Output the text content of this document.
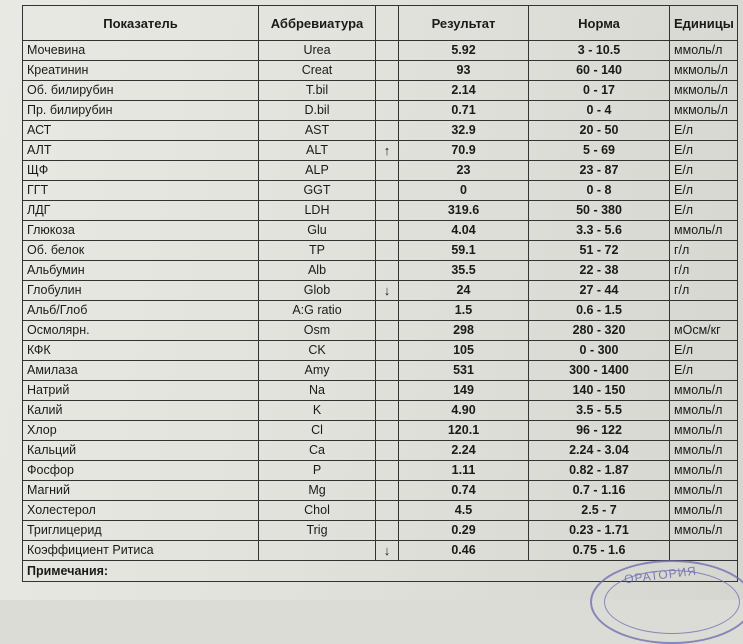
Показатель	Аббревиатура		Результат	Норма	Единицы
Мочевина	Urea		5.92	3 - 10.5	ммоль/л
Креатинин	Creat		93	60 - 140	мкмоль/л
Об. билирубин	T.bil		2.14	0 - 17	мкмоль/л
Пр. билирубин	D.bil		0.71	0 - 4	мкмоль/л
АСТ	AST		32.9	20 - 50	Е/л
АЛТ	ALT	↑	70.9	5 - 69	Е/л
ЩФ	ALP		23	23 - 87	Е/л
ГГТ	GGT		0	0 - 8	Е/л
ЛДГ	LDH		319.6	50 - 380	Е/л
Глюкоза	Glu		4.04	3.3 - 5.6	ммоль/л
Об. белок	TP		59.1	51 - 72	г/л
Альбумин	Alb		35.5	22 - 38	г/л
Глобулин	Glob	↓	24	27 - 44	г/л
Альб/Глоб	A:G ratio		1.5	0.6 - 1.5	
Осмолярн.	Osm		298	280 - 320	мОсм/кг
КФК	CK		105	0 - 300	Е/л
Амилаза	Amy		531	300 - 1400	Е/л
Натрий	Na		149	140 - 150	ммоль/л
Калий	K		4.90	3.5 - 5.5	ммоль/л
Хлор	Cl		120.1	96 - 122	ммоль/л
Кальций	Ca		2.24	2.24 - 3.04	ммоль/л
Фосфор	P		1.11	0.82 - 1.87	ммоль/л
Магний	Mg		0.74	0.7 - 1.16	ммоль/л
Холестерол	Chol		4.5	2.5 - 7	ммоль/л
Триглицерид	Trig		0.29	0.23 - 1.71	ммоль/л
Коэффициент Ритиса		↓	0.46	0.75 - 1.6	
Примечания:						ОРАТОРИЯ
